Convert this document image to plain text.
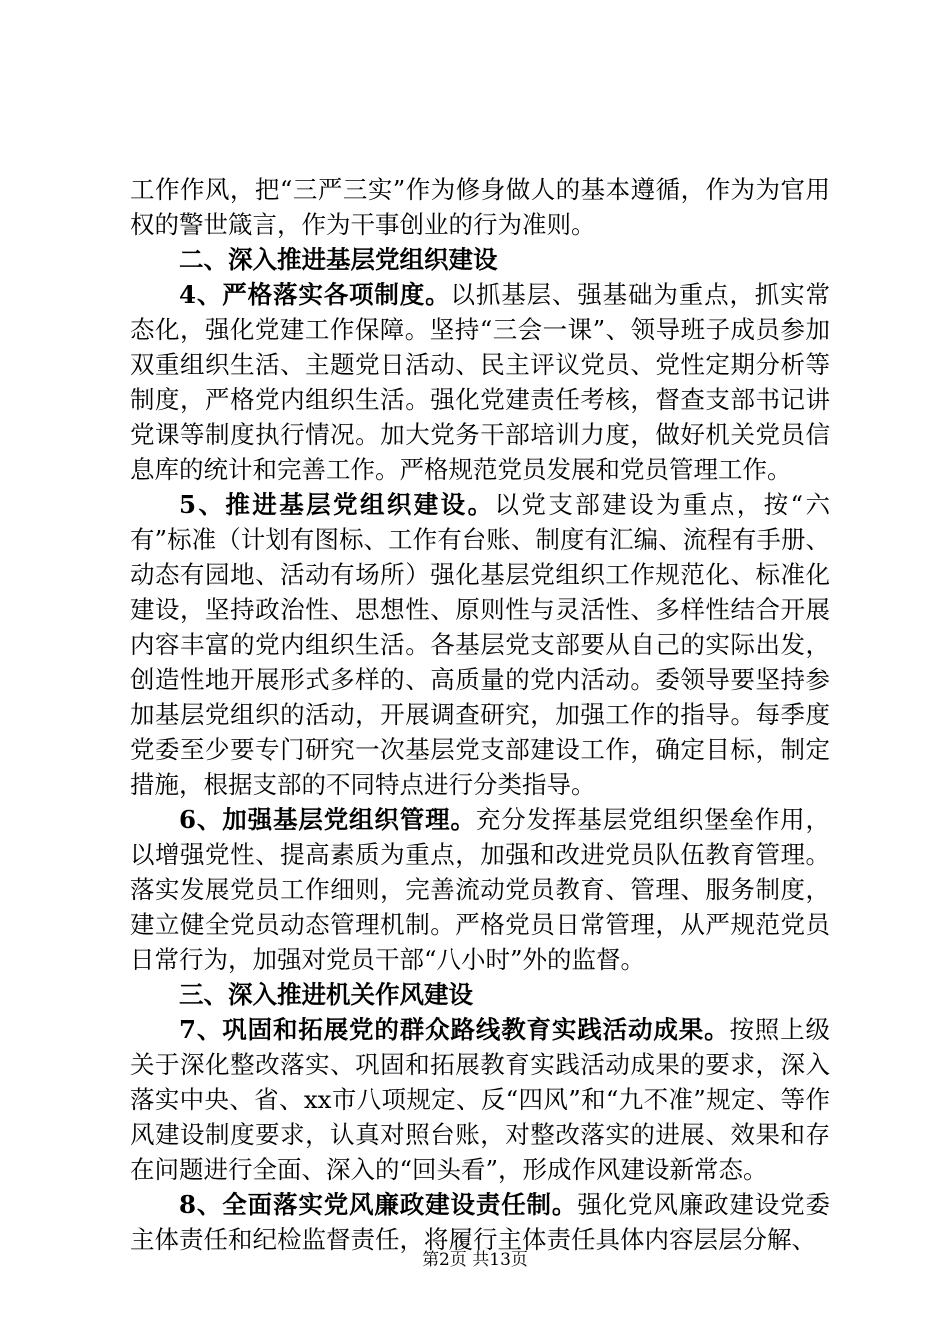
工作作风，把“三严三实”作为修身做人的基本遵循，作为为官用权的警世箴言，作为干事创业的行为准则。

二、深入推进基层党组织建设

4、严格落实各项制度。以抓基层、强基础为重点，抓实常态化，强化党建工作保障。坚持“三会一课”、领导班子成员参加双重组织生活、主题党日活动、民主评议党员、党性定期分析等制度，严格党内组织生活。强化党建责任考核，督查支部书记讲党课等制度执行情况。加大党务干部培训力度，做好机关党员信息库的统计和完善工作。严格规范党员发展和党员管理工作。

5、推进基层党组织建设。以党支部建设为重点，按“六有”标准（计划有图标、工作有台账、制度有汇编、流程有手册、动态有园地、活动有场所）强化基层党组织工作规范化、标准化建设，坚持政治性、思想性、原则性与灵活性、多样性结合开展内容丰富的党内组织生活。各基层党支部要从自己的实际出发，创造性地开展形式多样的、高质量的党内活动。委领导要坚持参加基层党组织的活动，开展调查研究，加强工作的指导。每季度党委至少要专门研究一次基层党支部建设工作，确定目标，制定措施，根据支部的不同特点进行分类指导。

6、加强基层党组织管理。充分发挥基层党组织堡垒作用，以增强党性、提高素质为重点，加强和改进党员队伍教育管理。落实发展党员工作细则，完善流动党员教育、管理、服务制度，建立健全党员动态管理机制。严格党员日常管理，从严规范党员日常行为，加强对党员干部“八小时”外的监督。

三、深入推进机关作风建设

7、巩固和拓展党的群众路线教育实践活动成果。按照上级关于深化整改落实、巩固和拓展教育实践活动成果的要求，深入落实中央、省、xx市八项规定、反“四风”和“九不准”规定、等作风建设制度要求，认真对照台账，对整改落实的进展、效果和存在问题进行全面、深入的“回头看”，形成作风建设新常态。

8、全面落实党风廉政建设责任制。强化党风廉政建设党委主体责任和纪检监督责任，将履行主体责任具体内容层层分解、

第2页 共13页
